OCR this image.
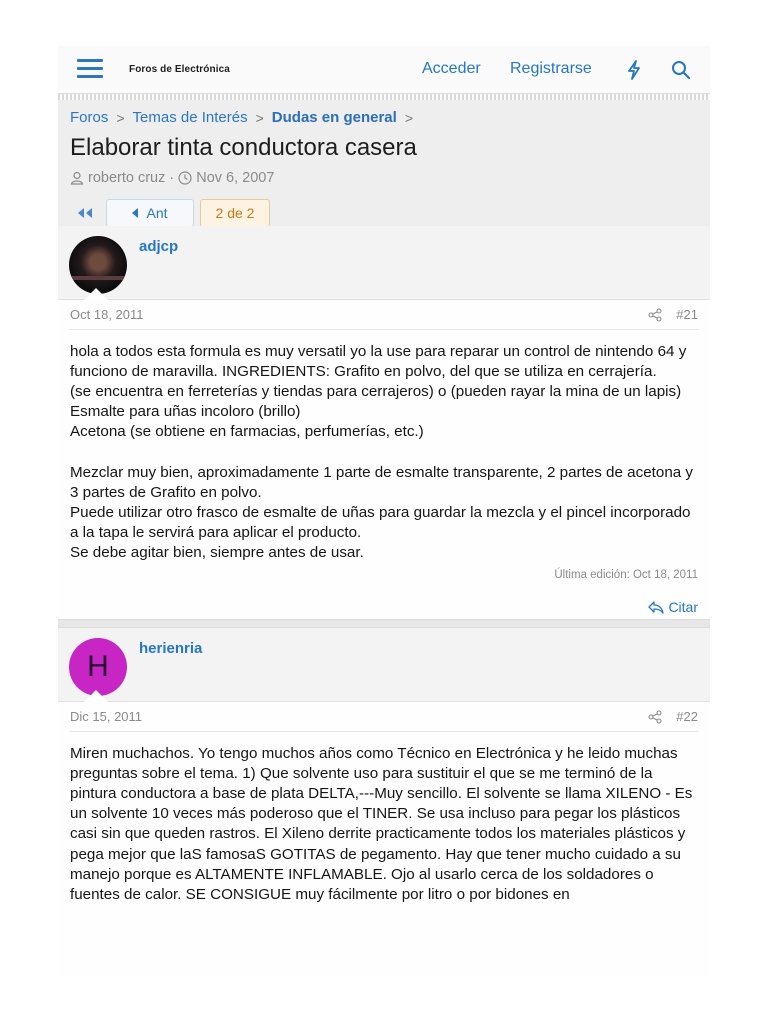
Foros de Electrónica	Acceder Registrarse
Foros > Temas de Interés > Dudas en general >
Elaborar tinta conductora casera
roberto cruz · Nov 6, 2007
Ant	2 de 2
adjcp
Oct 18, 2011	#21
hola a todos esta formula es muy versatil yo la use para reparar un control de nintendo 64 y funciono de maravilla. INGREDIENTS: Grafito en polvo, del que se utiliza en cerrajería.
(se encuentra en ferreterías y tiendas para cerrajeros) o (pueden rayar la mina de un lapis)
Esmalte para uñas incoloro (brillo)
Acetona (se obtiene en farmacias, perfumerías, etc.)

Mezclar muy bien, aproximadamente 1 parte de esmalte transparente, 2 partes de acetona y 3 partes de Grafito en polvo.
Puede utilizar otro frasco de esmalte de uñas para guardar la mezcla y el pincel incorporado a la tapa le servirá para aplicar el producto.
Se debe agitar bien, siempre antes de usar.
Última edición: Oct 18, 2011
Citar
H
herienria
Dic 15, 2011	#22
Miren muchachos. Yo tengo muchos años como Técnico en Electrónica y he leido muchas preguntas sobre el tema. 1) Que solvente uso para sustituir el que se me terminó de la pintura conductora a base de plata DELTA,---Muy sencillo. El solvente se llama XILENO - Es un solvente 10 veces más poderoso que el TINER. Se usa incluso para pegar los plásticos casi sin que queden rastros. El Xileno derrite practicamente todos los materiales plásticos y pega mejor que laS famosaS GOTITAS de pegamento. Hay que tener mucho cuidado a su manejo porque es ALTAMENTE INFLAMABLE. Ojo al usarlo cerca de los soldadores o fuentes de calor. SE CONSIGUE muy fácilmente por litro o por bidones en
